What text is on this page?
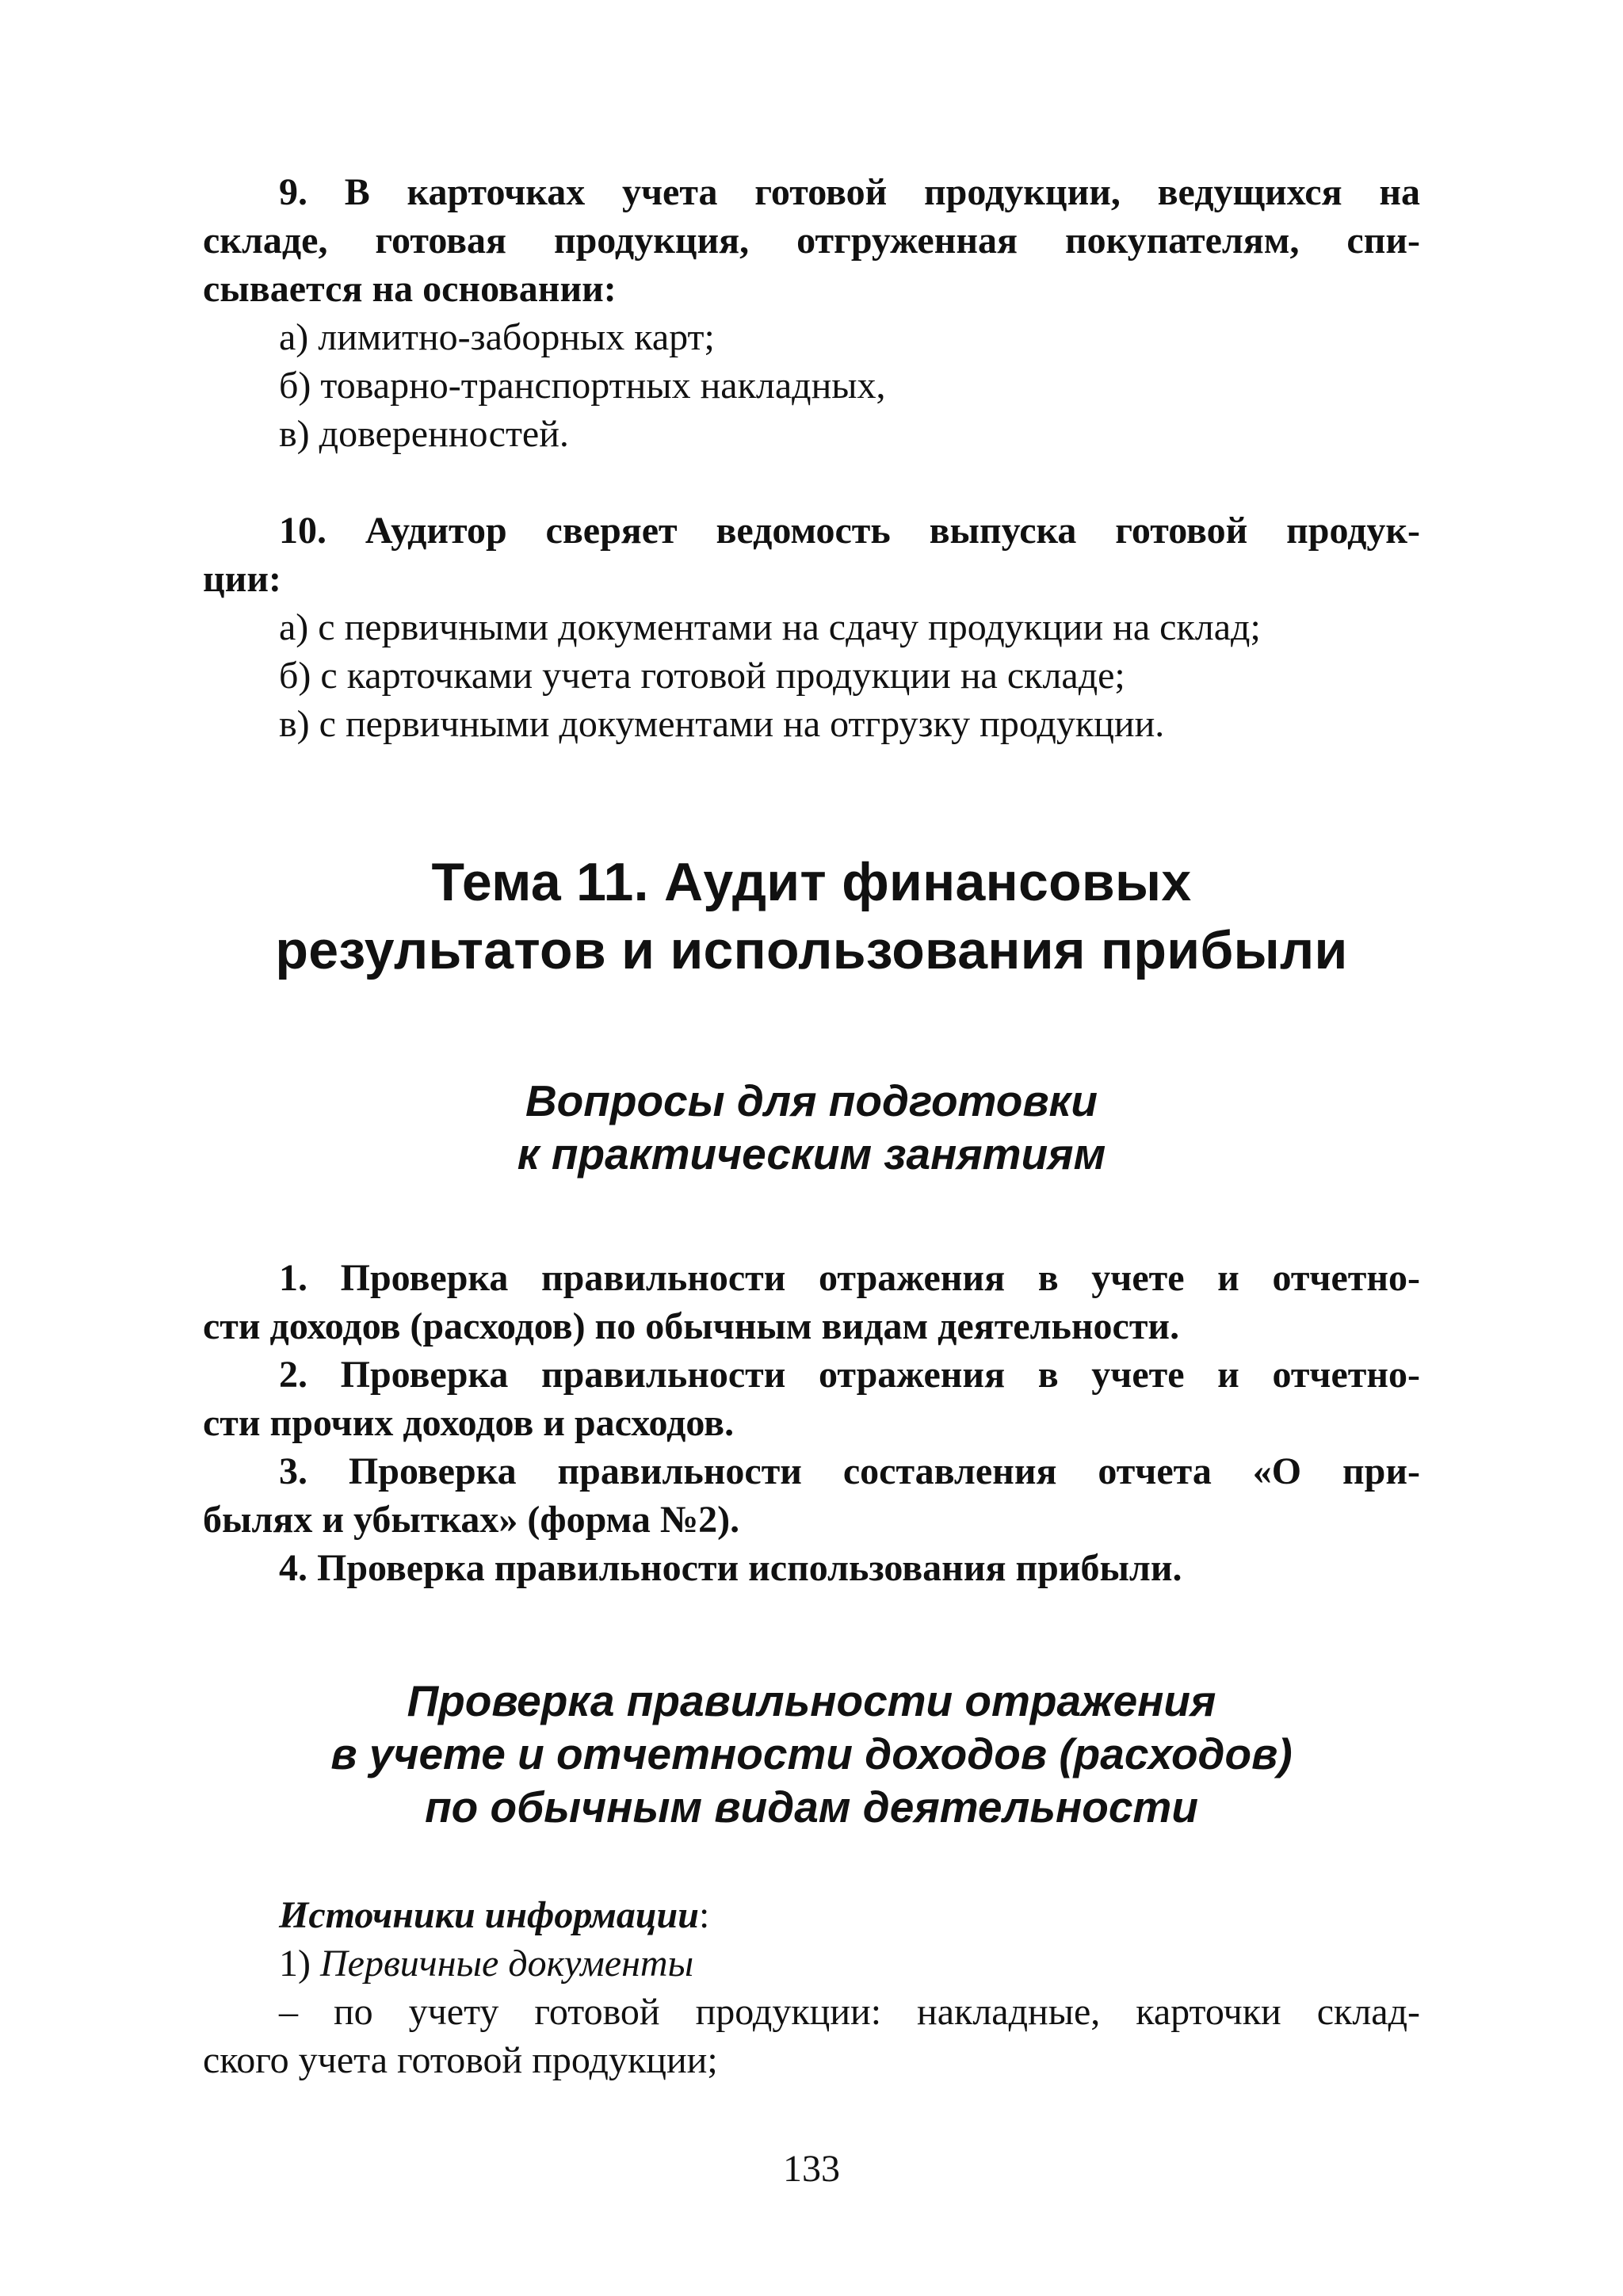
9. В карточках учета готовой продукции, ведущихся на
складе, готовая продукция, отгруженная покупателям, спи-
сывается на основании:

а) лимитно-заборных карт;

б) товарно-транспортных накладных,

в) доверенностей.

10. Аудитор сверяет ведомость выпуска готовой продук-
ции:

а) с первичными документами на сдачу продукции на склад;

б) с карточками учета готовой продукции на складе;

в) с первичными документами на отгрузку продукции.

Тема 11. Аудит финансовых
результатов и использования прибыли
Вопросы для подготовки
к практическим занятиям

1. Проверка правильности отражения в учете и отчетно-
сти доходов (расходов) по обычным видам деятельности.

2. Проверка правильности отражения в учете и отчетно-
сти прочих доходов и расходов.

3. Проверка правильности составления отчета «О при-
былях и убытках» (форма №2).

4. Проверка правильности использования прибыли.

Проверка правильности отражения
в учете и отчетности доходов (расходов)
по обычным видам деятельности

Источники информации:

1) Первичные документы

– по учету готовой продукции: накладные, карточки склад-
ского учета готовой продукции;

133
